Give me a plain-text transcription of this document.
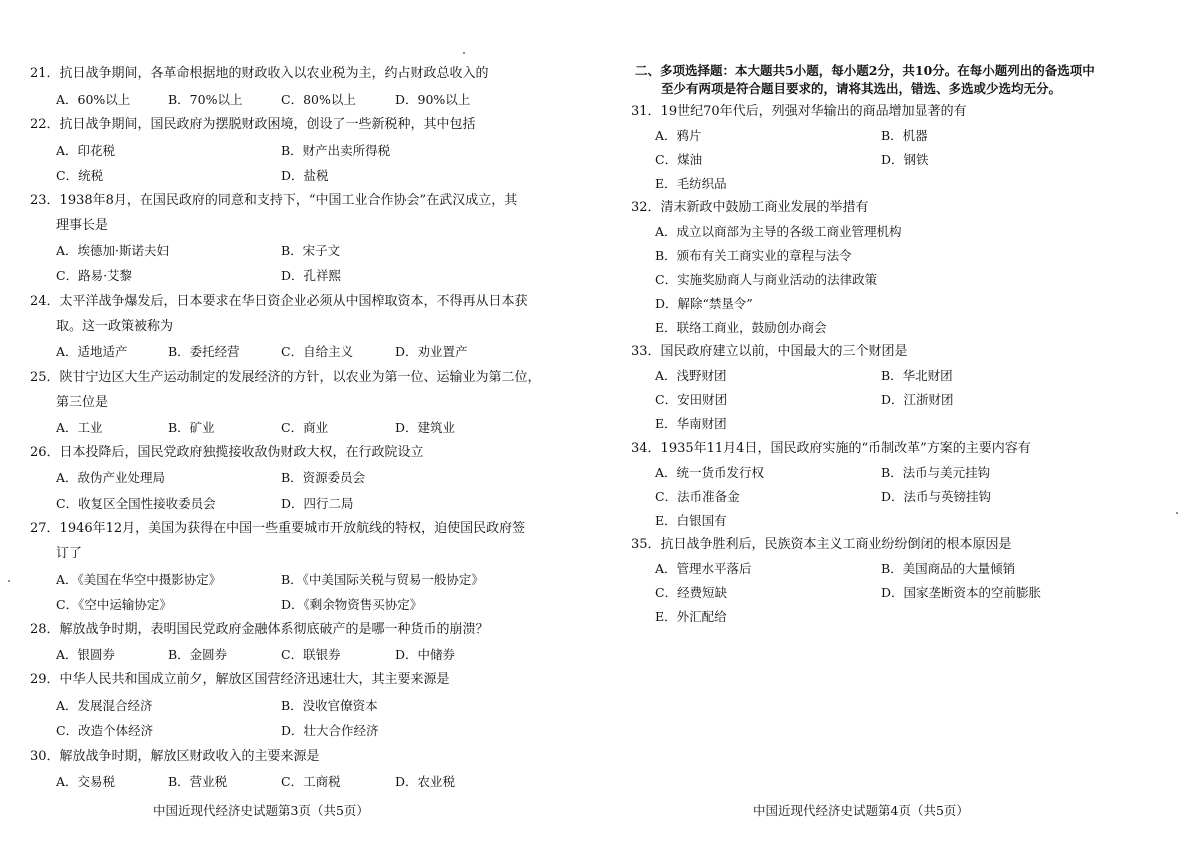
21．抗日战争期间，各革命根据地的财政收入以农业税为主，约占财政总收入的
A．60%以上	B．70%以上	C．80%以上	D．90%以上
22．抗日战争期间，国民政府为摆脱财政困境，创设了一些新税种，其中包括
A．印花税	B．财产出卖所得税
C．统税	D．盐税
23．1938年8月，在国民政府的同意和支持下，“中国工业合作协会”在武汉成立，其
理事长是
A．埃德加·斯诺夫妇	B．宋子文
C．路易·艾黎	D．孔祥熙
24．太平洋战争爆发后，日本要求在华日资企业必须从中国榨取资本，不得再从日本获
取。这一政策被称为
A．适地适产	B．委托经营	C．自给主义	D．劝业置产
25．陕甘宁边区大生产运动制定的发展经济的方针，以农业为第一位、运输业为第二位，
第三位是
A．工业	B．矿业	C．商业	D．建筑业
26．日本投降后，国民党政府独揽接收敌伪财政大权，在行政院设立
A．敌伪产业处理局	B．资源委员会
C．收复区全国性接收委员会	D．四行二局
27．1946年12月，美国为获得在中国一些重要城市开放航线的特权，迫使国民政府签
订了
A．《美国在华空中摄影协定》	B．《中美国际关税与贸易一般协定》
C．《空中运输协定》	D．《剩余物资售买协定》
28．解放战争时期，表明国民党政府金融体系彻底破产的是哪一种货币的崩溃？
A．银圆券	B．金圆券	C．联银券	D．中储券
29．中华人民共和国成立前夕，解放区国营经济迅速壮大，其主要来源是
A．发展混合经济	B．没收官僚资本
C．改造个体经济	D．壮大合作经济
30．解放战争时期，解放区财政收入的主要来源是
A．交易税	B．营业税	C．工商税	D．农业税
中国近现代经济史试题第3页（共5页）
二、多项选择题：本大题共5小题，每小题2分，共10分。在每小题列出的备选项中
至少有两项是符合题目要求的，请将其选出，错选、多选或少选均无分。
31．19世纪70年代后，列强对华输出的商品增加显著的有
A．鸦片	B．机器
C．煤油	D．钢铁
E．毛纺织品
32．清末新政中鼓励工商业发展的举措有
A．成立以商部为主导的各级工商业管理机构
B．颁布有关工商实业的章程与法令
C．实施奖励商人与商业活动的法律政策
D．解除“禁垦令”
E．联络工商业，鼓励创办商会
33．国民政府建立以前，中国最大的三个财团是
A．浅野财团	B．华北财团
C．安田财团	D．江浙财团
E．华南财团
34．1935年11月4日，国民政府实施的“币制改革”方案的主要内容有
A．统一货币发行权	B．法币与美元挂钩
C．法币准备金	D．法币与英镑挂钩
E．白银国有
35．抗日战争胜利后，民族资本主义工商业纷纷倒闭的根本原因是
A．管理水平落后	B．美国商品的大量倾销
C．经费短缺	D．国家垄断资本的空前膨胀
E．外汇配给
中国近现代经济史试题第4页（共5页）
